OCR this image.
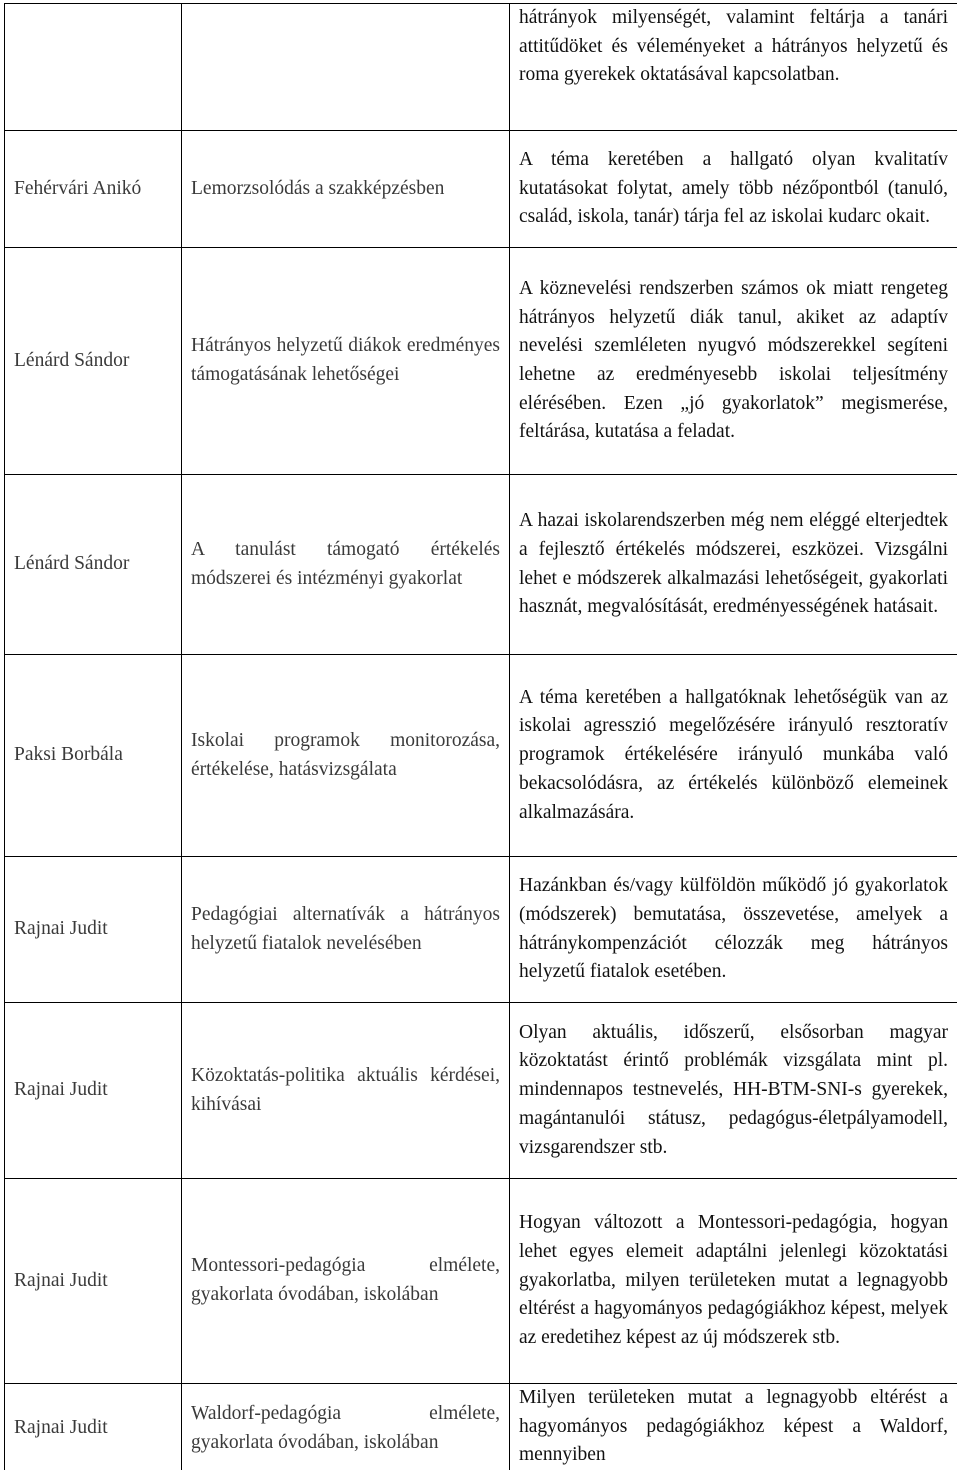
		hátrányok milyenségét, valamint feltárja a tanári attitűdöket és véleményeket a hátrányos helyzetű és roma gyerekek oktatásával kapcsolatban.
Fehérvári Anikó	Lemorzsolódás a szakképzésben	A téma keretében a hallgató olyan kvalitatív kutatásokat folytat, amely több nézőpontból (tanuló, család, iskola, tanár) tárja fel az iskolai kudarc okait.
Lénárd Sándor	Hátrányos helyzetű diákok eredményes támogatásának lehetőségei	A köznevelési rendszerben számos ok miatt rengeteg hátrányos helyzetű diák tanul, akiket az adaptív nevelési szemléleten nyugvó módszerekkel segíteni lehetne az eredményesebb iskolai teljesítmény elérésében. Ezen „jó gyakorlatok” megismerése, feltárása, kutatása a feladat.
Lénárd Sándor	A tanulást támogató értékelés módszerei és intézményi gyakorlat	A hazai iskolarendszerben még nem eléggé elterjedtek a fejlesztő értékelés módszerei, eszközei. Vizsgálni lehet e módszerek alkalmazási lehetőségeit, gyakorlati hasznát, megvalósítását, eredményességének hatásait.
Paksi Borbála	Iskolai programok monitorozása, értékelése, hatásvizsgálata	A téma keretében a hallgatóknak lehetőségük van az iskolai agresszió megelőzésére irányuló resztoratív programok értékelésére irányuló munkába való bekacsolódásra, az értékelés különböző elemeinek alkalmazására.
Rajnai Judit	Pedagógiai alternatívák a hátrányos helyzetű fiatalok nevelésében	Hazánkban és/vagy külföldön működő jó gyakorlatok (módszerek) bemutatása, összevetése, amelyek a hátránykompenzációt célozzák meg hátrányos helyzetű fiatalok esetében.
Rajnai Judit	Közoktatás-politika aktuális kérdései, kihívásai	Olyan aktuális, időszerű, elsősorban magyar közoktatást érintő problémák vizsgálata mint pl. mindennapos testnevelés, HH-BTM-SNI-s gyerekek, magántanulói státusz, pedagógus-életpályamodell, vizsgarendszer stb.
Rajnai Judit	Montessori-pedagógia elmélete, gyakorlata óvodában, iskolában	Hogyan változott a Montessori-pedagógia, hogyan lehet egyes elemeit adaptálni jelenlegi közoktatási gyakorlatba, milyen területeken mutat a legnagyobb eltérést a hagyományos pedagógiákhoz képest, melyek az eredetihez képest az új módszerek stb.
Rajnai Judit	Waldorf-pedagógia elmélete, gyakorlata óvodában, iskolában	Milyen területeken mutat a legnagyobb eltérést a hagyományos pedagógiákhoz képest a Waldorf, mennyiben
